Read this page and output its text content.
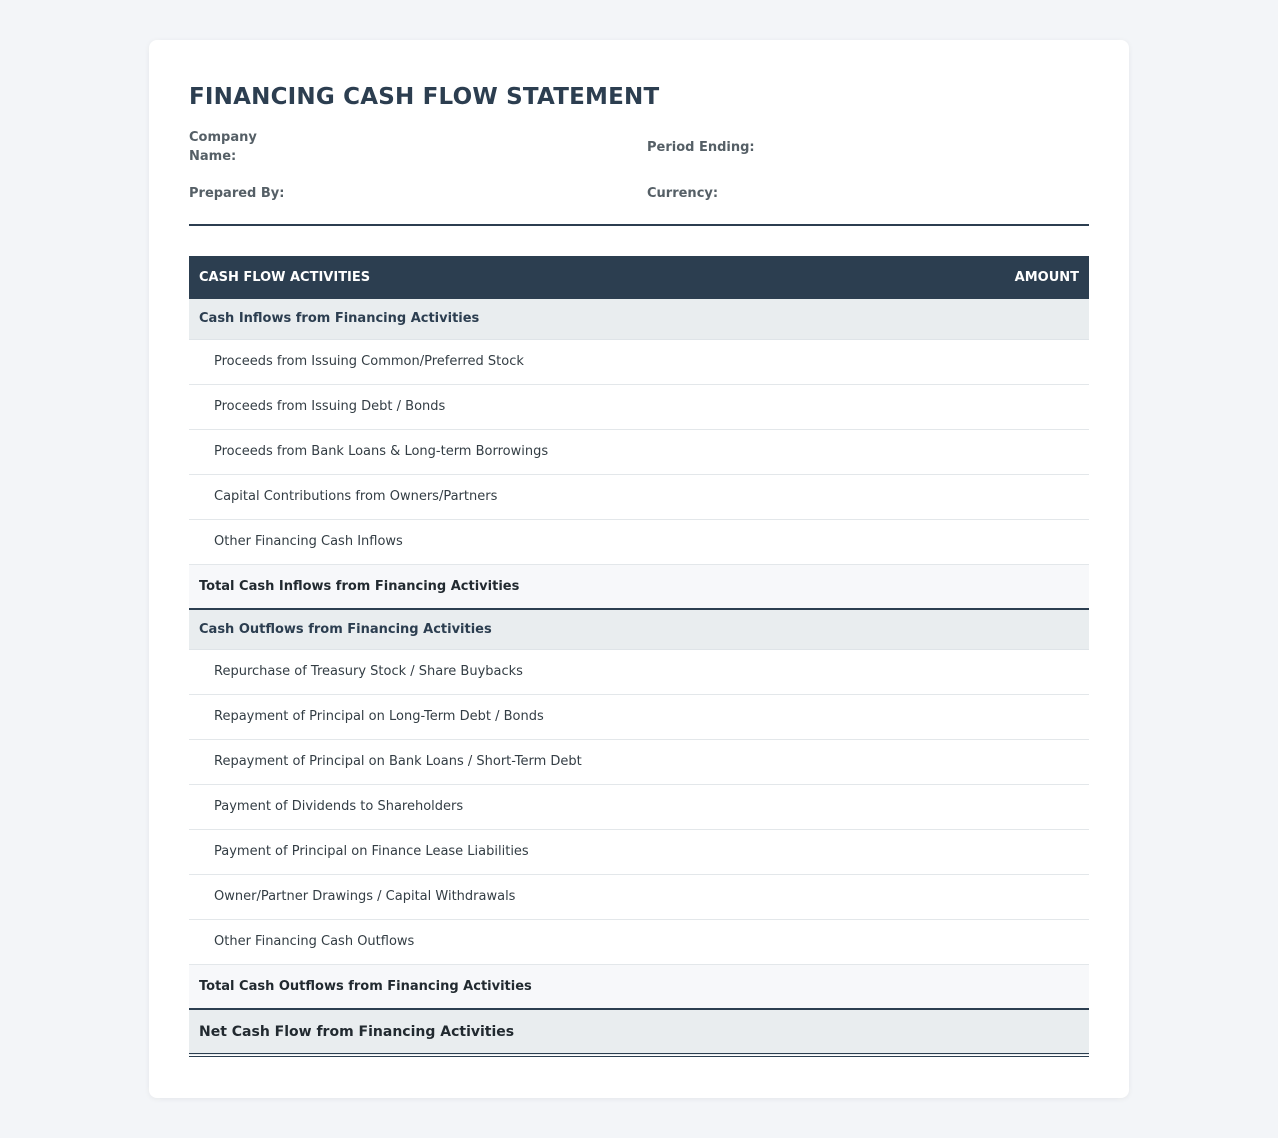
FINANCING CASH FLOW STATEMENT
Company Name:
Period Ending:
Prepared By:	Currency:
CASH FLOW ACTIVITIES	AMOUNT
Cash Inflows from Financing Activities	
Proceeds from Issuing Common/Preferred Stock	
Proceeds from Issuing Debt / Bonds	
Proceeds from Bank Loans & Long-term Borrowings	
Capital Contributions from Owners/Partners	
Other Financing Cash Inflows	
Total Cash Inflows from Financing Activities	
Cash Outflows from Financing Activities	
Repurchase of Treasury Stock / Share Buybacks	
Repayment of Principal on Long-Term Debt / Bonds	
Repayment of Principal on Bank Loans / Short-Term Debt	
Payment of Dividends to Shareholders	
Payment of Principal on Finance Lease Liabilities	
Owner/Partner Drawings / Capital Withdrawals	
Other Financing Cash Outflows	
Total Cash Outflows from Financing Activities	
Net Cash Flow from Financing Activities	
